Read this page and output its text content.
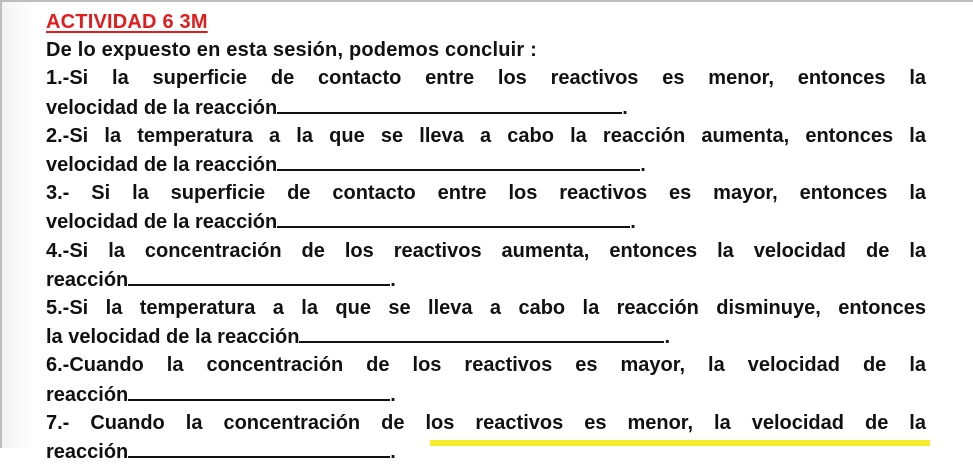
ACTIVIDAD 6 3M
De lo expuesto en esta sesión, podemos concluir :
1.-Si la superficie de contacto entre los reactivos es menor, entonces la
velocidad de la reacción	.
2.-Si la temperatura a la que se lleva a cabo la reacción aumenta, entonces la
velocidad de la reacción	.
3.- Si la superficie de contacto entre los reactivos es mayor, entonces la
velocidad de la reacción	.
4.-Si la concentración de los reactivos aumenta, entonces la velocidad de la
reacción	.
5.-Si la temperatura a la que se lleva a cabo la reacción disminuye, entonces
la velocidad de la reacción	.
6.-Cuando la concentración de los reactivos es mayor, la velocidad de la
reacción	.
7.- Cuando la concentración de los reactivos es menor, la velocidad de la
reacción	.
